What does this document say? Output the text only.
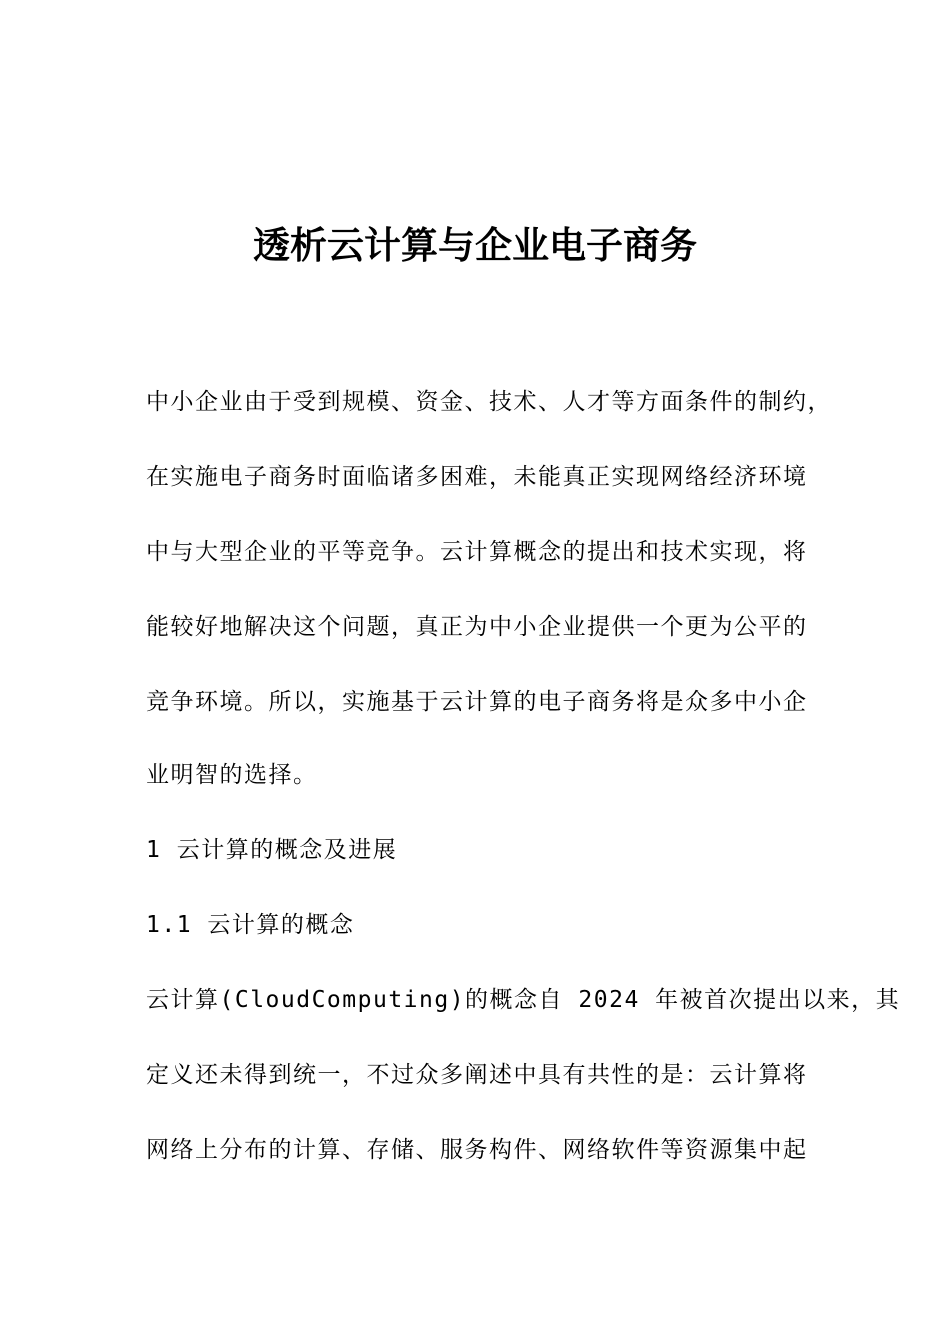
透析云计算与企业电子商务
中小企业由于受到规模、资金、技术、人才等方面条件的制约，
在实施电子商务时面临诸多困难，未能真正实现网络经济环境
中与大型企业的平等竞争。云计算概念的提出和技术实现，将
能较好地解决这个问题，真正为中小企业提供一个更为公平的
竞争环境。所以，实施基于云计算的电子商务将是众多中小企
业明智的选择。
1 云计算的概念及进展
1.1 云计算的概念
云计算(CloudComputing)的概念自 2024 年被首次提出以来，其
定义还未得到统一，不过众多阐述中具有共性的是：云计算将
网络上分布的计算、存储、服务构件、网络软件等资源集中起
